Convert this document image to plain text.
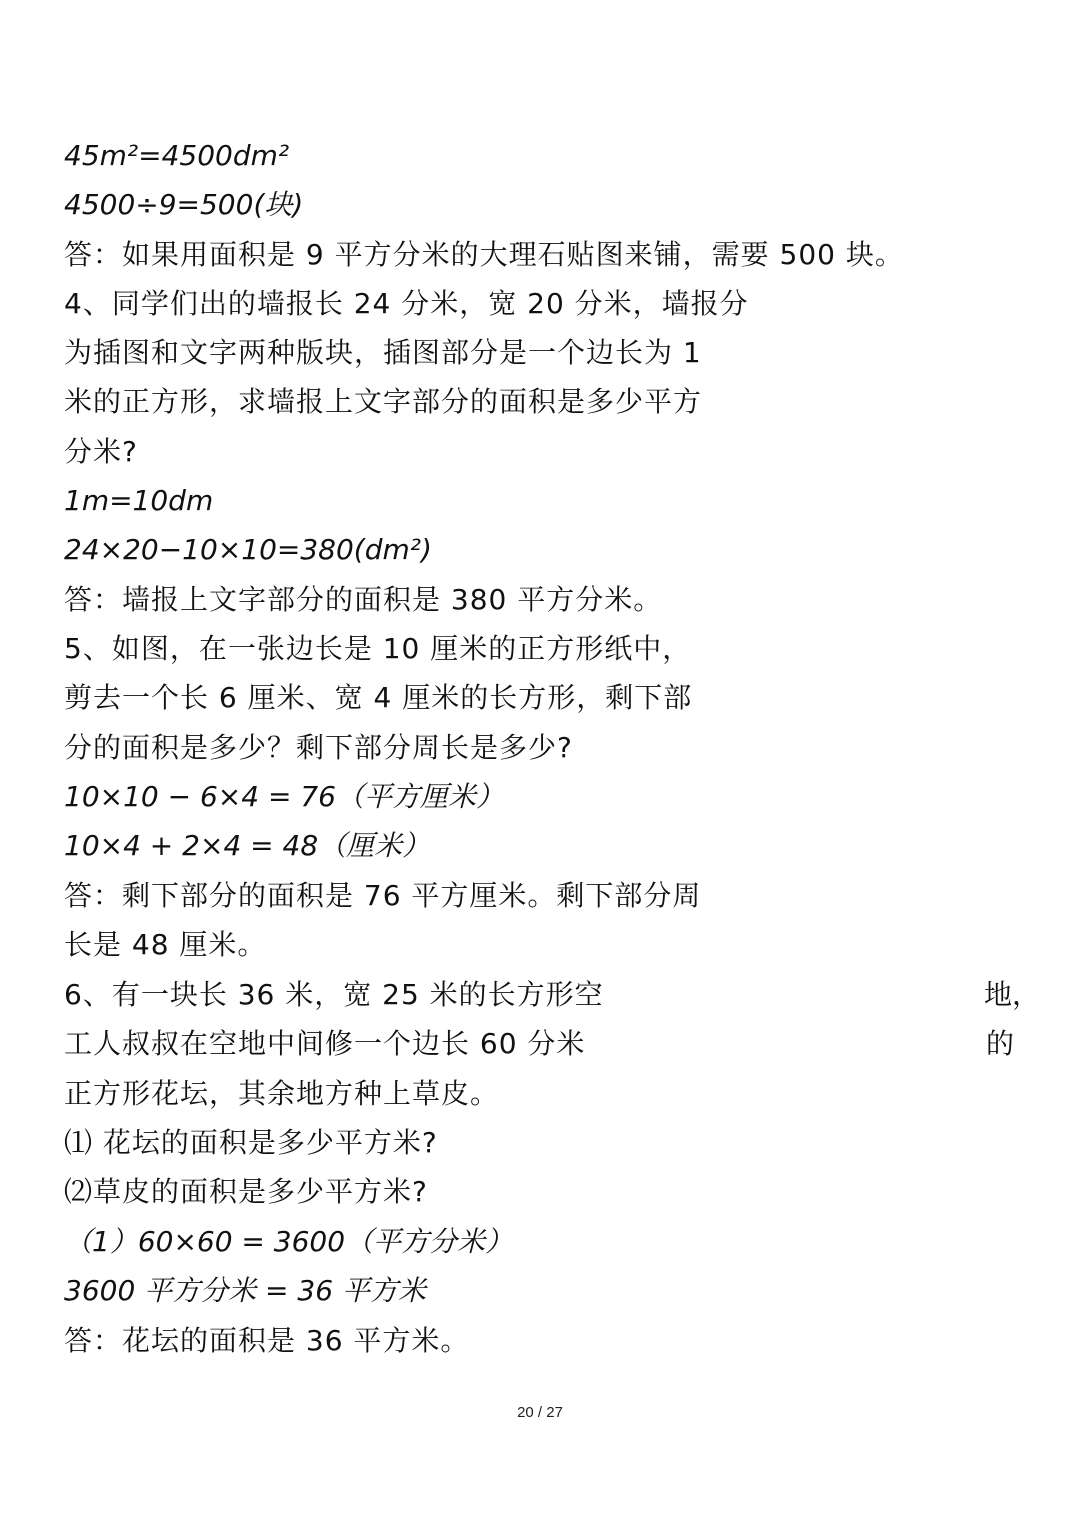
45m²=4500dm²
4500÷9=500(块)
答：如果用面积是 9 平方分米的大理石贴图来铺，需要 500 块。
4、同学们出的墙报长 24 分米，宽 20 分米，墙报分
为插图和文字两种版块，插图部分是一个边长为 1
米的正方形，求墙报上文字部分的面积是多少平方
分米?
1m=10dm
24×20−10×10=380(dm²)
答：墙报上文字部分的面积是 380 平方分米。
5、如图，在一张边长是 10 厘米的正方形纸中，
剪去一个长 6 厘米、宽 4 厘米的长方形，剩下部
分的面积是多少？剩下部分周长是多少?
10×10 − 6×4 = 76（平方厘米）
10×4 + 2×4 = 48（厘米）
答：剩下部分的面积是 76 平方厘米。剩下部分周
长是 48 厘米。
6、有一块长 36 米，宽 25 米的长方形空	地，
工人叔叔在空地中间修一个边长 60 分米	的
正方形花坛，其余地方种上草皮。
⑴ 花坛的面积是多少平方米?
⑵草皮的面积是多少平方米?
（1）60×60 = 3600（平方分米）
3600 平方分米 = 36 平方米
答：花坛的面积是 36 平方米。
20 / 27
